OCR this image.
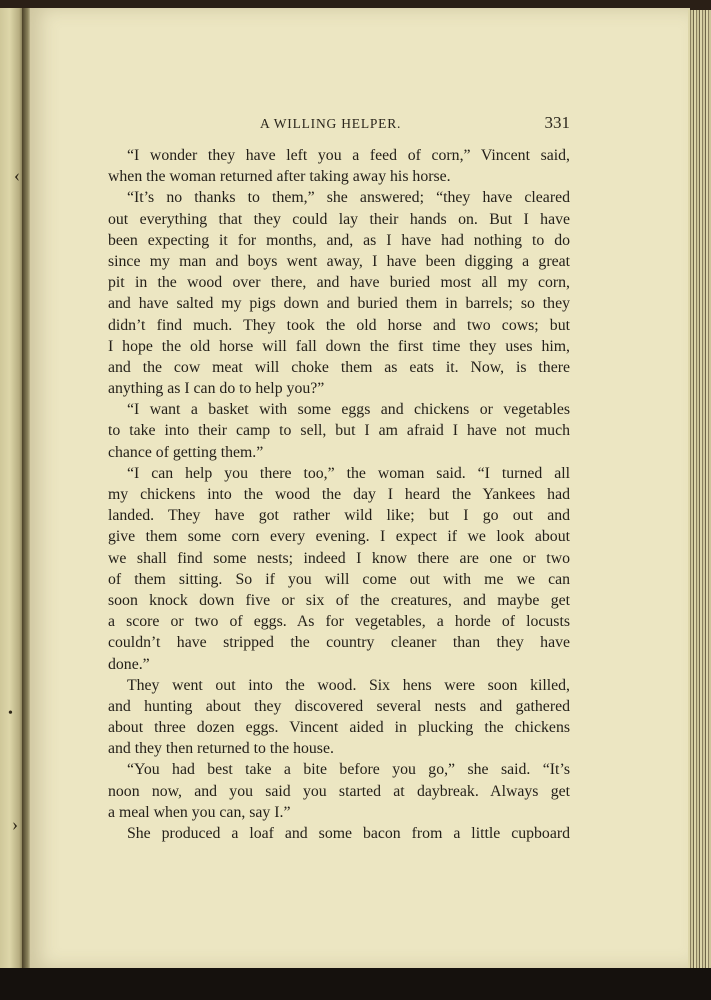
‹
•
›
A WILLING HELPER.	331
“I wonder they have left you a feed of corn,” Vincent said,
when the woman returned after taking away his horse.
“It’s no thanks to them,” she answered; “they have cleared
out everything that they could lay their hands on. But I have
been expecting it for months, and, as I have had nothing to do
since my man and boys went away, I have been digging a great
pit in the wood over there, and have buried most all my corn,
and have salted my pigs down and buried them in barrels; so they
didn’t find much. They took the old horse and two cows; but
I hope the old horse will fall down the first time they uses him,
and the cow meat will choke them as eats it. Now, is there
anything as I can do to help you?”
“I want a basket with some eggs and chickens or vegetables
to take into their camp to sell, but I am afraid I have not much
chance of getting them.”
“I can help you there too,” the woman said. “I turned all
my chickens into the wood the day I heard the Yankees had
landed. They have got rather wild like; but I go out and
give them some corn every evening. I expect if we look about
we shall find some nests; indeed I know there are one or two
of them sitting. So if you will come out with me we can
soon knock down five or six of the creatures, and maybe get
a score or two of eggs. As for vegetables, a horde of locusts
couldn’t have stripped the country cleaner than they have
done.”
They went out into the wood. Six hens were soon killed,
and hunting about they discovered several nests and gathered
about three dozen eggs. Vincent aided in plucking the chickens
and they then returned to the house.
“You had best take a bite before you go,” she said. “It’s
noon now, and you said you started at daybreak. Always get
a meal when you can, say I.”
She produced a loaf and some bacon from a little cupboard
